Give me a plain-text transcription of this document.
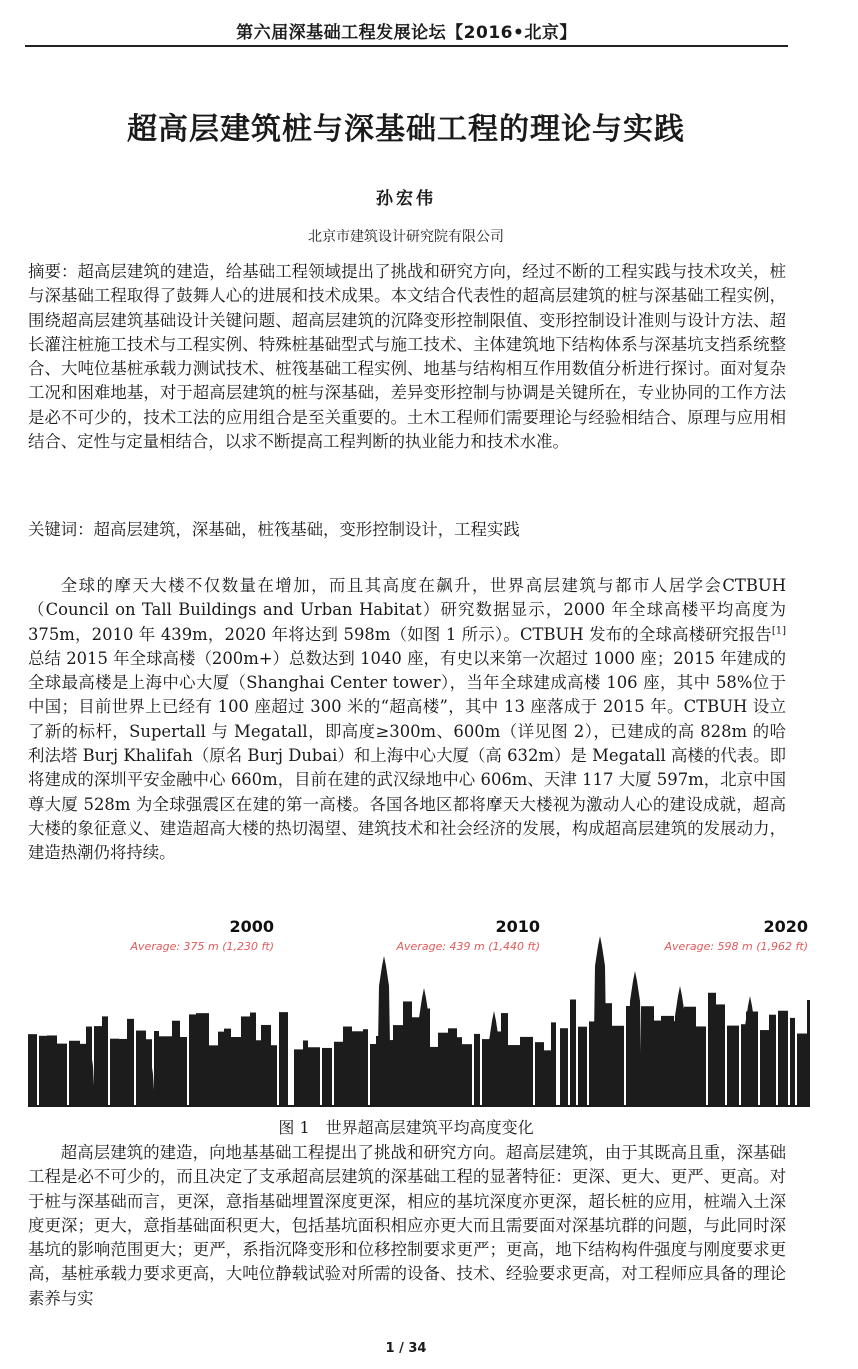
第六届深基础工程发展论坛【2016•北京】
超高层建筑桩与深基础工程的理论与实践
孙宏伟
北京市建筑设计研究院有限公司
摘要：超高层建筑的建造，给基础工程领域提出了挑战和研究方向，经过不断的工程实践与技术攻关，桩与深基础工程取得了鼓舞人心的进展和技术成果。本文结合代表性的超高层建筑的桩与深基础工程实例，围绕超高层建筑基础设计关键问题、超高层建筑的沉降变形控制限值、变形控制设计准则与设计方法、超长灌注桩施工技术与工程实例、特殊桩基础型式与施工技术、主体建筑地下结构体系与深基坑支挡系统整合、大吨位基桩承载力测试技术、桩筏基础工程实例、地基与结构相互作用数值分析进行探讨。面对复杂工况和困难地基，对于超高层建筑的桩与深基础，差异变形控制与协调是关键所在，专业协同的工作方法是必不可少的，技术工法的应用组合是至关重要的。土木工程师们需要理论与经验相结合、原理与应用相结合、定性与定量相结合，以求不断提高工程判断的执业能力和技术水准。
关键词：超高层建筑，深基础，桩筏基础，变形控制设计，工程实践
全球的摩天大楼不仅数量在增加，而且其高度在飙升，世界高层建筑与都市人居学会CTBUH（Council on Tall Buildings and Urban Habitat）研究数据显示，2000 年全球高楼平均高度为 375m，2010 年 439m，2020 年将达到 598m（如图 1 所示）。CTBUH 发布的全球高楼研究报告[1]总结 2015 年全球高楼（200m+）总数达到 1040 座，有史以来第一次超过 1000 座；2015 年建成的全球最高楼是上海中心大厦（Shanghai Center tower），当年全球建成高楼 106 座，其中 58%位于中国；目前世界上已经有 100 座超过 300 米的“超高楼”，其中 13 座落成于 2015 年。CTBUH 设立了新的标杆，Supertall 与 Megatall，即高度≥300m、600m（详见图 2），已建成的高 828m 的哈利法塔 Burj Khalifah（原名 Burj Dubai）和上海中心大厦（高 632m）是 Megatall 高楼的代表。即将建成的深圳平安金融中心 660m，目前在建的武汉绿地中心 606m、天津 117 大厦 597m，北京中国尊大厦 528m 为全球强震区在建的第一高楼。各国各地区都将摩天大楼视为激动人心的建设成就，超高大楼的象征意义、建造超高大楼的热切渴望、建筑技术和社会经济的发展，构成超高层建筑的发展动力，建造热潮仍将持续。
2000
Average: 375 m (1,230 ft)
2010
Average: 439 m (1,440 ft)
2020
Average: 598 m (1,962 ft)
图 1　世界超高层建筑平均高度变化
超高层建筑的建造，向地基基础工程提出了挑战和研究方向。超高层建筑，由于其既高且重，深基础工程是必不可少的，而且决定了支承超高层建筑的深基础工程的显著特征：更深、更大、更严、更高。对于桩与深基础而言，更深，意指基础埋置深度更深，相应的基坑深度亦更深，超长桩的应用，桩端入土深度更深；更大，意指基础面积更大，包括基坑面积相应亦更大而且需要面对深基坑群的问题，与此同时深基坑的影响范围更大；更严，系指沉降变形和位移控制要求更严；更高，地下结构构件强度与刚度要求更高，基桩承载力要求更高，大吨位静载试验对所需的设备、技术、经验要求更高，对工程师应具备的理论素养与实
1 / 34
